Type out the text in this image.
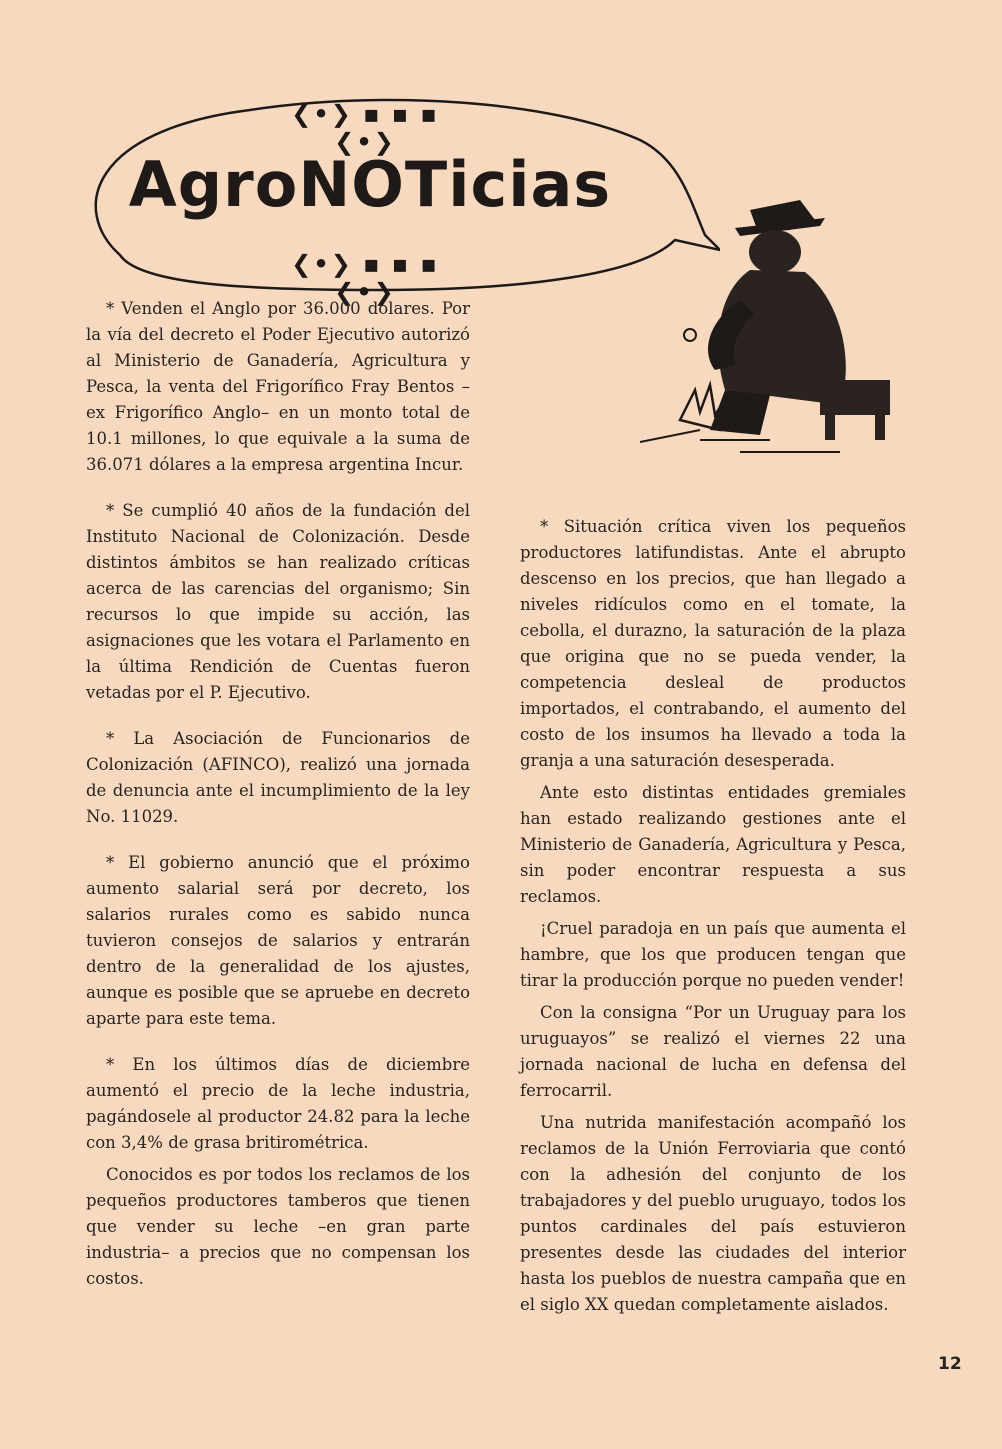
❮•❯ ▪ ▪ ▪ ❮•❯
AgroNOTicias
❮•❯ ▪ ▪ ▪ ❮•❯

* Venden el Anglo por 36.000 dólares. Por la vía del decreto el Poder Ejecutivo autorizó al Ministerio de Ganadería, Agricultura y Pesca, la venta del Frigorífico Fray Bentos –ex Frigorífico Anglo– en un monto total de 10.1 millones, lo que equivale a la suma de 36.071 dólares a la empresa argentina Incur.

* Se cumplió 40 años de la fundación del Instituto Nacional de Colonización. Desde distintos ámbitos se han realizado críticas acerca de las carencias del organismo; Sin recursos lo que impide su acción, las asignaciones que les votara el Parlamento en la última Rendición de Cuentas fueron vetadas por el P. Ejecutivo.

* La Asociación de Funcionarios de Colonización (AFINCO), realizó una jornada de denuncia ante el incumplimiento de la ley No. 11029.

* El gobierno anunció que el próximo aumento salarial será por decreto, los salarios rurales como es sabido nunca tuvieron consejos de salarios y entrarán dentro de la generalidad de los ajustes, aunque es posible que se apruebe en decreto aparte para este tema.

* En los últimos días de diciembre aumentó el precio de la leche industria, pagándosele al productor 24.82 para la leche con 3,4% de grasa britirométrica.

Conocidos es por todos los reclamos de los pequeños productores tamberos que tienen que vender su leche –en gran parte industria– a precios que no compensan los costos.

* Situación crítica viven los pequeños productores latifundistas. Ante el abrupto descenso en los precios, que han llegado a niveles ridículos como en el tomate, la cebolla, el durazno, la saturación de la plaza que origina que no se pueda vender, la competencia desleal de productos importados, el contrabando, el aumento del costo de los insumos ha llevado a toda la granja a una saturación desesperada.

Ante esto distintas entidades gremiales han estado realizando gestiones ante el Ministerio de Ganadería, Agricultura y Pesca, sin poder encontrar respuesta a sus reclamos.

¡Cruel paradoja en un país que aumenta el hambre, que los que producen tengan que tirar la producción porque no pueden vender!

Con la consigna “Por un Uruguay para los uruguayos” se realizó el viernes 22 una jornada nacional de lucha en defensa del ferrocarril.

Una nutrida manifestación acompañó los reclamos de la Unión Ferroviaria que contó con la adhesión del conjunto de los trabajadores y del pueblo uruguayo, todos los puntos cardinales del país estuvieron presentes desde las ciudades del interior hasta los pueblos de nuestra campaña que en el siglo XX quedan completamente aislados.

12
